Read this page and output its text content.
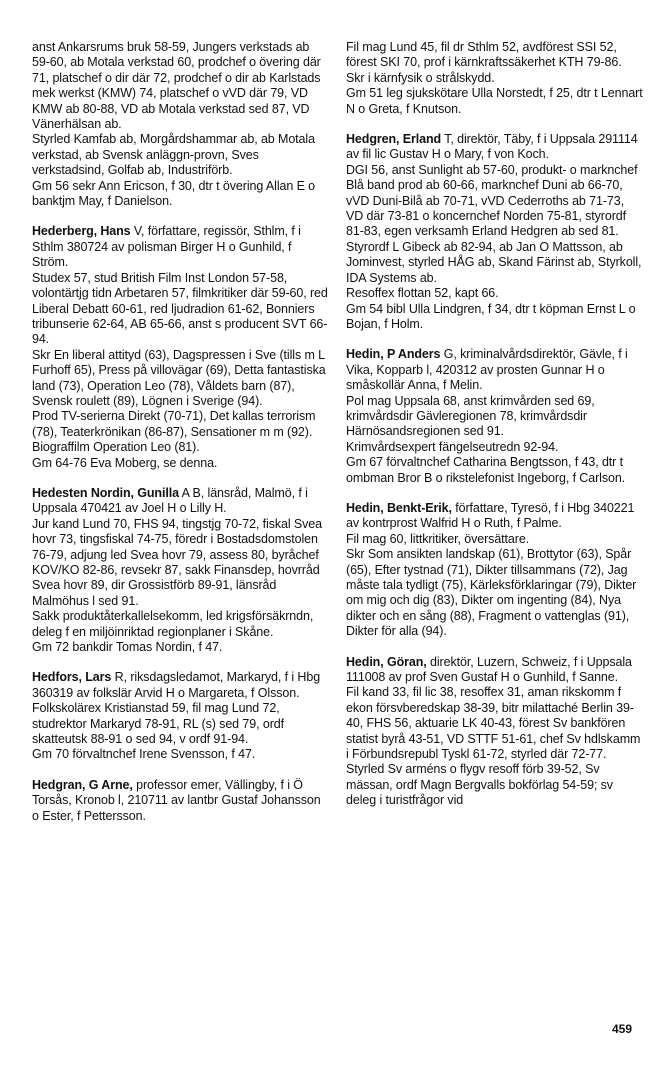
anst Ankarsrums bruk 58-59, Jungers verkstads ab 59-60, ab Motala verkstad 60, prodchef o övering där 71, platschef o dir där 72, prodchef o dir ab Karlstads mek werkst (KMW) 74, platschef o vVD där 79, VD KMW ab 80-88, VD ab Motala verkstad sed 87, VD Vänerhälsan ab.

Styrled Kamfab ab, Morgårdshammar ab, ab Motala verkstad, ab Svensk anläggn-provn, Sves verkstadsind, Golfab ab, Industriförb.

Gm 56 sekr Ann Ericson, f 30, dtr t övering Allan E o banktjm May, f Danielson.

Hederberg, Hans V, författare, regissör, Sthlm, f i Sthlm 380724 av polisman Birger H o Gunhild, f Ström.

Studex 57, stud British Film Inst London 57-58, volontärtjg tidn Arbetaren 57, filmkritiker där 59-60, red Liberal Debatt 60-61, red ljudradion 61-62, Bonniers tribunserie 62-64, AB 65-66, anst s producent SVT 66-94.

Skr En liberal attityd (63), Dagspressen i Sve (tills m L Furhoff 65), Press på villovägar (69), Detta fantastiska land (73), Operation Leo (78), Våldets barn (87), Svensk roulett (89), Lögnen i Sverige (94).

Prod TV-serierna Direkt (70-71), Det kallas terrorism (78), Teaterkrönikan (86-87), Sensationer m m (92).

Biograffilm Operation Leo (81).

Gm 64-76 Eva Moberg, se denna.

Hedesten Nordin, Gunilla A B, länsråd, Malmö, f i Uppsala 470421 av Joel H o Lilly H.

Jur kand Lund 70, FHS 94, tingstjg 70-72, fiskal Svea hovr 73, tingsfiskal 74-75, föredr i Bostadsdomstolen 76-79, adjung led Svea hovr 79, assess 80, byråchef KOV/KO 82-86, revsekr 87, sakk Finansdep, hovrråd Svea hovr 89, dir Grossistförb 89-91, länsråd Malmöhus l sed 91.

Sakk produktåterkallelsekomm, led krigsförsäkrndn, deleg f en miljöinriktad regionplaner i Skåne.

Gm 72 bankdir Tomas Nordin, f 47.

Hedfors, Lars R, riksdagsledamot, Markaryd, f i Hbg 360319 av folkslär Arvid H o Margareta, f Olsson.

Folkskolärex Kristianstad 59, fil mag Lund 72, studrektor Markaryd 78-91, RL (s) sed 79, ordf skatteutsk 88-91 o sed 94, v ordf 91-94.

Gm 70 förvaltnchef Irene Svensson, f 47.

Hedgran, G Arne, professor emer, Vällingby, f i Ö Torsås, Kronob l, 210711 av lantbr Gustaf Johansson o Ester, f Pettersson.

Fil mag Lund 45, fil dr Sthlm 52, avdförest SSI 52, förest SKI 70, prof i kärnkraftssäkerhet KTH 79-86.

Skr i kärnfysik o strålskydd.

Gm 51 leg sjukskötare Ulla Norstedt, f 25, dtr t Lennart N o Greta, f Knutson.

Hedgren, Erland T, direktör, Täby, f i Uppsala 291114 av fil lic Gustav H o Mary, f von Koch.

DGI 56, anst Sunlight ab 57-60, produkt- o marknchef Blå band prod ab 60-66, marknchef Duni ab 66-70, vVD Duni-Bilå ab 70-71, vVD Cederroths ab 71-73, VD där 73-81 o koncernchef Norden 75-81, styrordf 81-83, egen verksamh Erland Hedgren ab sed 81.

Styrordf L Gibeck ab 82-94, ab Jan O Mattsson, ab Jominvest, styrled HÅG ab, Skand Färinst ab, Styrkoll, IDA Systems ab.

Resoffex flottan 52, kapt 66.

Gm 54 bibl Ulla Lindgren, f 34, dtr t köpman Ernst L o Bojan, f Holm.

Hedin, P Anders G, kriminalvårdsdirektör, Gävle, f i Vika, Kopparb l, 420312 av prosten Gunnar H o småskollär Anna, f Melin.

Pol mag Uppsala 68, anst krimvården sed 69, krimvårdsdir Gävleregionen 78, krimvårdsdir Härnösandsregionen sed 91.

Krimvårdsexpert fängelseutredn 92-94.

Gm 67 förvaltnchef Catharina Bengtsson, f 43, dtr t ombman Bror B o rikstelefonist Ingeborg, f Carlson.

Hedin, Benkt-Erik, författare, Tyresö, f i Hbg 340221 av kontrprost Walfrid H o Ruth, f Palme.

Fil mag 60, littkritiker, översättare.

Skr Som ansikten landskap (61), Brottytor (63), Spår (65), Efter tystnad (71), Dikter tillsammans (72), Jag måste tala tydligt (75), Kärleksförklaringar (79), Dikter om mig och dig (83), Dikter om ingenting (84), Nya dikter och en sång (88), Fragment o vattenglas (91), Dikter för alla (94).

Hedin, Göran, direktör, Luzern, Schweiz, f i Uppsala 111008 av prof Sven Gustaf H o Gunhild, f Sanne.

Fil kand 33, fil lic 38, resoffex 31, aman rikskomm f ekon försvberedskap 38-39, bitr milattaché Berlin 39-40, FHS 56, aktuarie LK 40-43, förest Sv bankfören statist byrå 43-51, VD STTF 51-61, chef Sv hdlskamm i Förbundsrepubl Tyskl 61-72, styrled där 72-77.

Styrled Sv arméns o flygv resoff förb 39-52, Sv mässan, ordf Magn Bergvalls bokförlag 54-59; sv deleg i turistfrågor vid

459
